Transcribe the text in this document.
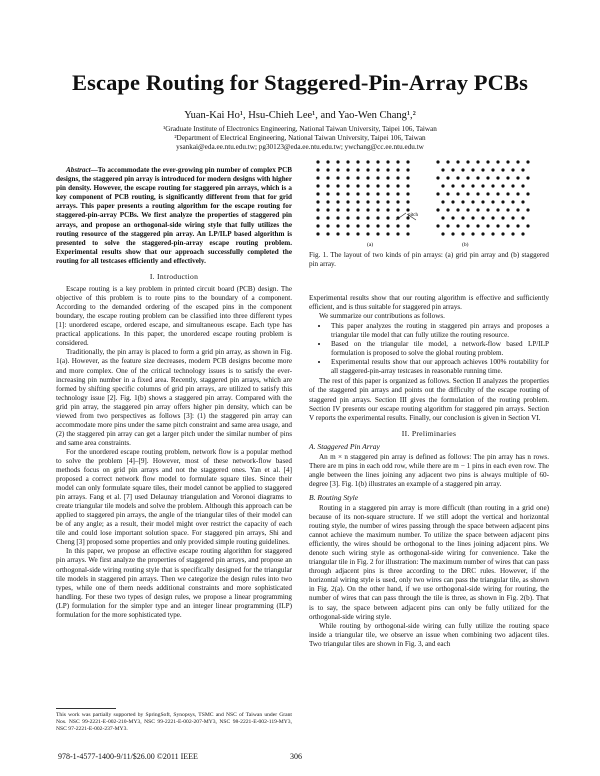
Escape Routing for Staggered-Pin-Array PCBs
Yuan-Kai Ho¹, Hsu-Chieh Lee¹, and Yao-Wen Chang¹,²
¹Graduate Institute of Electronics Engineering, National Taiwan University, Taipei 106, Taiwan
²Department of Electrical Engineering, National Taiwan University, Taipei 106, Taiwan
ysankai@eda.ee.ntu.edu.tw; pg30123@eda.ee.ntu.edu.tw; ywchang@cc.ee.ntu.edu.tw

Abstract—To accommodate the ever-growing pin number of complex PCB designs, the staggered pin array is introduced for modern designs with higher pin density. However, the escape routing for staggered pin arrays, which is a key component of PCB routing, is significantly different from that for grid arrays. This paper presents a routing algorithm for the escape routing for staggered-pin-array PCBs. We first analyze the properties of staggered pin arrays, and propose an orthogonal-side wiring style that fully utilizes the routing resource of the staggered pin array. An LP/ILP based algorithm is presented to solve the staggered-pin-array escape routing problem. Experimental results show that our approach successfully completed the routing for all testcases efficiently and effectively.

I. Introduction

Escape routing is a key problem in printed circuit board (PCB) design. The objective of this problem is to route pins to the boundary of a component. According to the demanded ordering of the escaped pins in the component boundary, the escape routing problem can be classified into three different types [1]: unordered escape, ordered escape, and simultaneous escape. Each type has practical applications. In this paper, the unordered escape routing problem is considered.

Traditionally, the pin array is placed to form a grid pin array, as shown in Fig. 1(a). However, as the feature size decreases, modern PCB designs become more and more complex. One of the critical technology issues is to satisfy the ever-increasing pin number in a fixed area. Recently, staggered pin arrays, which are formed by shifting specific columns of grid pin arrays, are utilized to satisfy this technology issue [2]. Fig. 1(b) shows a staggered pin array. Compared with the grid pin array, the staggered pin array offers higher pin density, which can be viewed from two perspectives as follows [3]: (1) the staggered pin array can accommodate more pins under the same pitch constraint and same area usage, and (2) the staggered pin array can get a larger pitch under the similar number of pins and same area constraints.

For the unordered escape routing problem, network flow is a popular method to solve the problem [4]–[9]. However, most of these network-flow based methods focus on grid pin arrays and not the staggered ones. Yan et al. [4] proposed a correct network flow model to formulate square tiles. Since their model can only formulate square tiles, their model cannot be applied to staggered pin arrays. Fang et al. [7] used Delaunay triangulation and Voronoi diagrams to create triangular tile models and solve the problem. Although this approach can be applied to staggered pin arrays, the angle of the triangular tiles of their model can be of any angle; as a result, their model might over restrict the capacity of each tile and could lose important solution space. For staggered pin arrays, Shi and Cheng [3] proposed some properties and only provided simple routing guidelines.

In this paper, we propose an effective escape routing algorithm for staggered pin arrays. We first analyze the properties of staggered pin arrays, and propose an orthogonal-side wiring routing style that is specifically designed for the triangular tile models in staggered pin arrays. Then we categorize the design rules into two types, while one of them needs additional constraints and more sophisticated handling. For these two types of design rules, we propose a linear programming (LP) formulation for the simpler type and an integer linear programming (ILP) formulation for the more sophisticated type.

This work was partially supported by SpringSoft, Synopsys, TSMC and NSC of Taiwan under Grant Nos. NSC 99-2221-E-002-210-MY3, NSC 99-2221-E-002-207-MY3, NSC 98-2221-E-002-119-MY3, NSC 97-2221-E-002-237-MY3.
pitch
(a)	(b)
Fig. 1. The layout of two kinds of pin arrays: (a) grid pin array and (b) staggered pin array.

Experimental results show that our routing algorithm is effective and sufficiently efficient, and is thus suitable for staggered pin arrays.

We summarize our contributions as follows.

• This paper analyzes the routing in staggered pin arrays and proposes a triangular tile model that can fully utilize the routing resource.
• Based on the triangular tile model, a network-flow based LP/ILP formulation is proposed to solve the global routing problem.
• Experimental results show that our approach achieves 100% routability for all staggered-pin-array testcases in reasonable running time.

The rest of this paper is organized as follows. Section II analyzes the properties of the staggered pin arrays and points out the difficulty of the escape routing of staggered pin arrays. Section III gives the formulation of the routing problem. Section IV presents our escape routing algorithm for staggered pin arrays. Section V reports the experimental results. Finally, our conclusion is given in Section VI.

II. Preliminaries
A. Staggered Pin Array

An m × n staggered pin array is defined as follows: The pin array has n rows. There are m pins in each odd row, while there are m − 1 pins in each even row. The angle between the lines joining any adjacent two pins is always multiple of 60-degree [3]. Fig. 1(b) illustrates an example of a staggered pin array.

B. Routing Style

Routing in a staggered pin array is more difficult (than routing in a grid one) because of its non-square structure. If we still adopt the vertical and horizontal routing style, the number of wires passing through the space between adjacent pins cannot achieve the maximum number. To utilize the space between adjacent pins efficiently, the wires should be orthogonal to the lines joining adjacent pins. We denote such wiring style as orthogonal-side wiring for convenience. Take the triangular tile in Fig. 2 for illustration: The maximum number of wires that can pass through adjacent pins is three according to the DRC rules. However, if the horizontal wiring style is used, only two wires can pass the triangular tile, as shown in Fig. 2(a). On the other hand, if we use orthogonal-side wiring for routing, the number of wires that can pass through the tile is three, as shown in Fig. 2(b). That is to say, the space between adjacent pins can only be fully utilized for the orthogonal-side wiring style.

While routing by orthogonal-side wiring can fully utilize the routing space inside a triangular tile, we observe an issue when combining two adjacent tiles. Two triangular tiles are shown in Fig. 3, and each

978-1-4577-1400-9/11/$26.00 ©2011 IEEE	306
